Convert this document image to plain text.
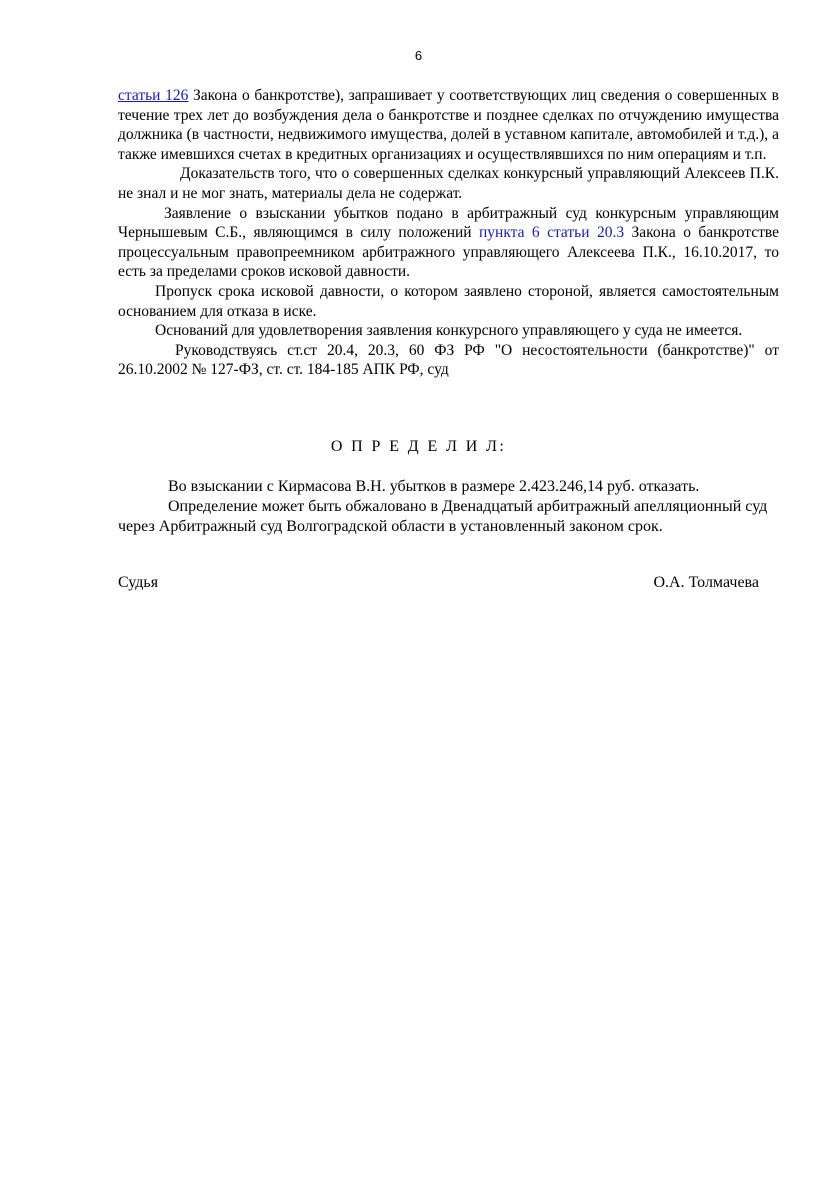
6

статьи 126 Закона о банкротстве), запрашивает у соответствующих лиц сведения о совершенных в течение трех лет до возбуждения дела о банкротстве и позднее сделках по отчуждению имущества должника (в частности, недвижимого имущества, долей в уставном капитале, автомобилей и т.д.), а также имевшихся счетах в кредитных организациях и осуществлявшихся по ним операциям и т.п.

Доказательств того, что о совершенных сделках конкурсный управляющий Алексеев П.К. не знал и не мог знать, материалы дела не содержат.

Заявление о взыскании убытков подано в арбитражный суд конкурсным управляющим Чернышевым С.Б., являющимся в силу положений пункта 6 статьи 20.3 Закона о банкротстве процессуальным правопреемником арбитражного управляющего Алексеева П.К., 16.10.2017, то есть за пределами сроков исковой давности.

Пропуск срока исковой давности, о котором заявлено стороной, является самостоятельным основанием для отказа в иске.

Оснований для удовлетворения заявления конкурсного управляющего у суда не имеется.

Руководствуясь ст.ст 20.4, 20.3, 60 ФЗ РФ "О несостоятельности (банкротстве)" от 26.10.2002 № 127-ФЗ, ст. ст. 184-185 АПК РФ, суд

О П Р Е Д Е Л И Л:

Во взыскании с Кирмасова В.Н. убытков в размере 2.423.246,14 руб. отказать.

Определение может быть обжаловано в Двенадцатый арбитражный апелляционный суд через Арбитражный суд Волгоградской области в установленный законом срок.

Судья	О.А. Толмачева
